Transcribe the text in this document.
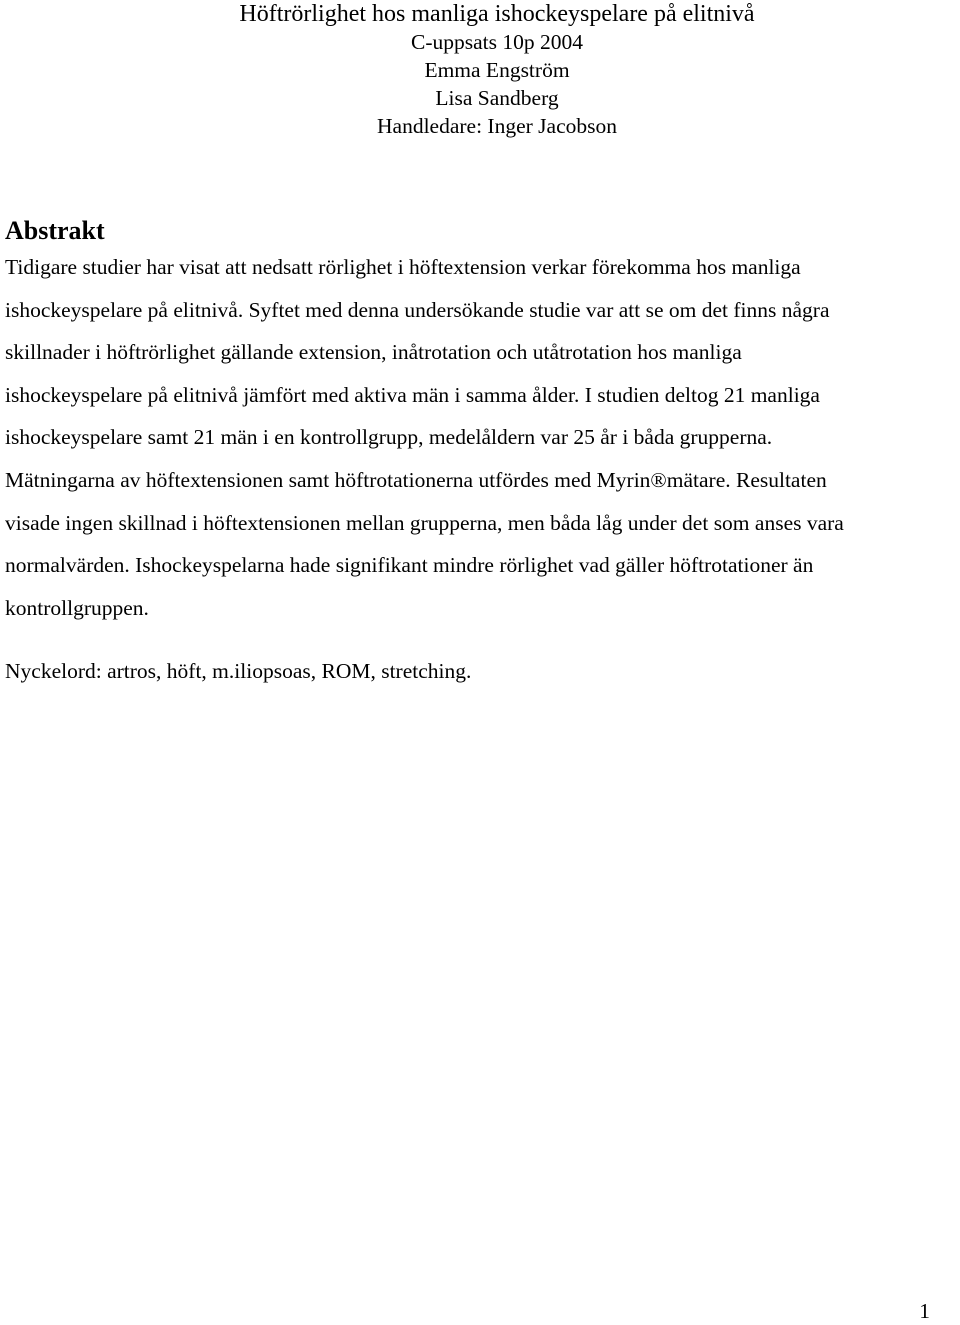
Höftrörlighet hos manliga ishockeyspelare på elitnivå

C-uppsats 10p 2004

Emma Engström

Lisa Sandberg

Handledare: Inger Jacobson

Abstrakt
Tidigare studier har visat att nedsatt rörlighet i höftextension verkar förekomma hos manliga
ishockeyspelare på elitnivå. Syftet med denna undersökande studie var att se om det finns några
skillnader i höftrörlighet gällande extension, inåtrotation och utåtrotation hos manliga
ishockeyspelare på elitnivå jämfört med aktiva män i samma ålder. I studien deltog 21 manliga
ishockeyspelare samt 21 män i en kontrollgrupp, medelåldern var 25 år i båda grupperna.
Mätningarna av höftextensionen samt höftrotationerna utfördes med Myrin®mätare. Resultaten
visade ingen skillnad i höftextensionen mellan grupperna, men båda låg under det som anses vara
normalvärden. Ishockeyspelarna hade signifikant mindre rörlighet vad gäller höftrotationer än
kontrollgruppen.

Nyckelord: artros, höft, m.iliopsoas, ROM, stretching.

1
